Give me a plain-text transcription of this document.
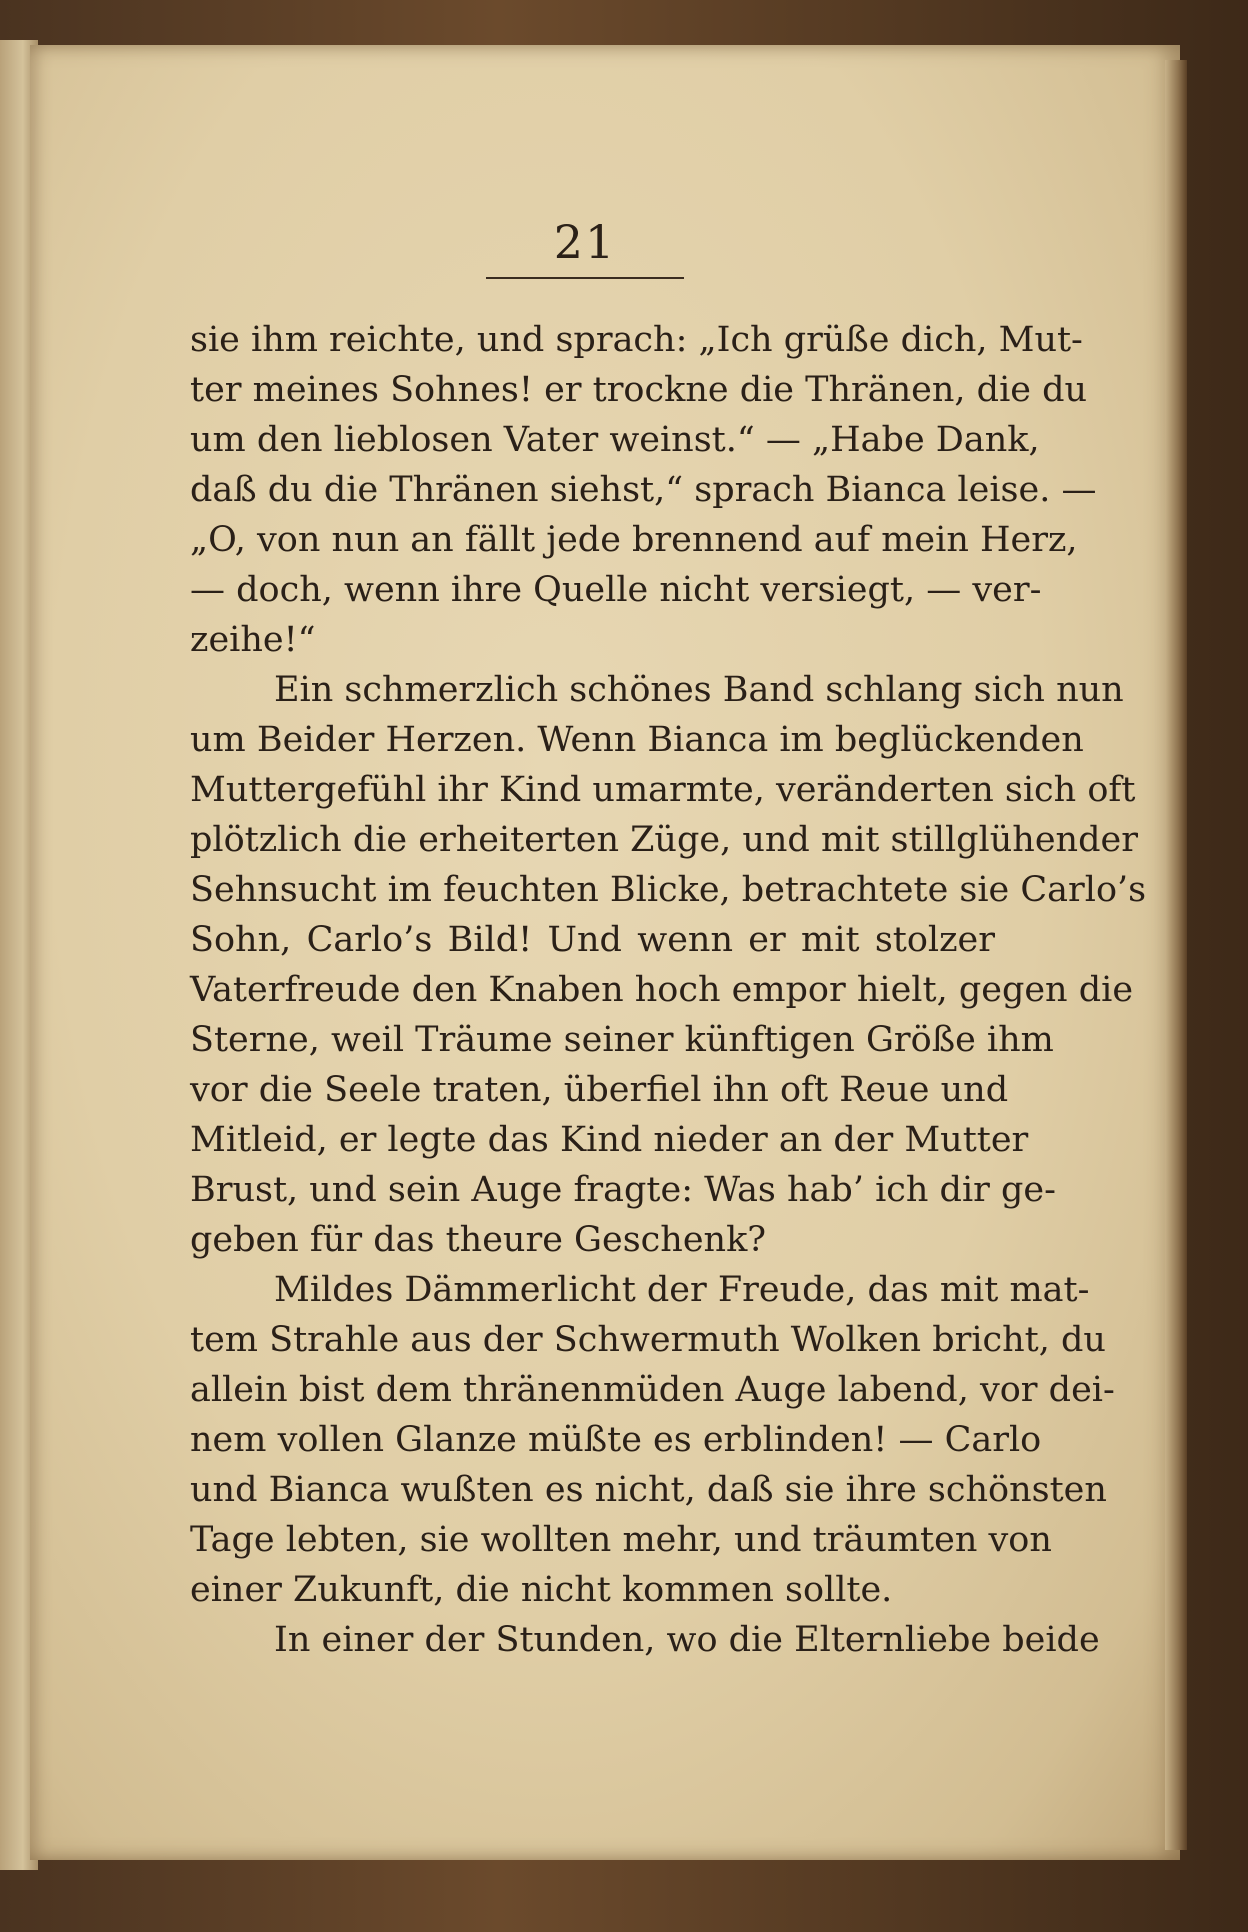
21
sie ihm reichte, und sprach: „Ich grüße dich, Mut-
ter meines Sohnes! er trockne die Thränen, die du
um den lieblosen Vater weinst.“ — „Habe Dank,
daß du die Thränen siehst,“ sprach Bianca leise. —
„O, von nun an fällt jede brennend auf mein Herz,
— doch, wenn ihre Quelle nicht versiegt, — ver-
zeihe!“
Ein schmerzlich schönes Band schlang sich nun
um Beider Herzen. Wenn Bianca im beglückenden
Muttergefühl ihr Kind umarmte, veränderten sich oft
plötzlich die erheiterten Züge, und mit stillglühender
Sehnsucht im feuchten Blicke, betrachtete sie Carlo’s
Sohn, Carlo’s Bild! Und wenn er mit stolzer
Vaterfreude den Knaben hoch empor hielt, gegen die
Sterne, weil Träume seiner künftigen Größe ihm
vor die Seele traten, überfiel ihn oft Reue und
Mitleid, er legte das Kind nieder an der Mutter
Brust, und sein Auge fragte: Was hab’ ich dir ge-
geben für das theure Geschenk?
Mildes Dämmerlicht der Freude, das mit mat-
tem Strahle aus der Schwermuth Wolken bricht, du
allein bist dem thränenmüden Auge labend, vor dei-
nem vollen Glanze müßte es erblinden! — Carlo
und Bianca wußten es nicht, daß sie ihre schönsten
Tage lebten, sie wollten mehr, und träumten von
einer Zukunft, die nicht kommen sollte.
In einer der Stunden, wo die Elternliebe beide
